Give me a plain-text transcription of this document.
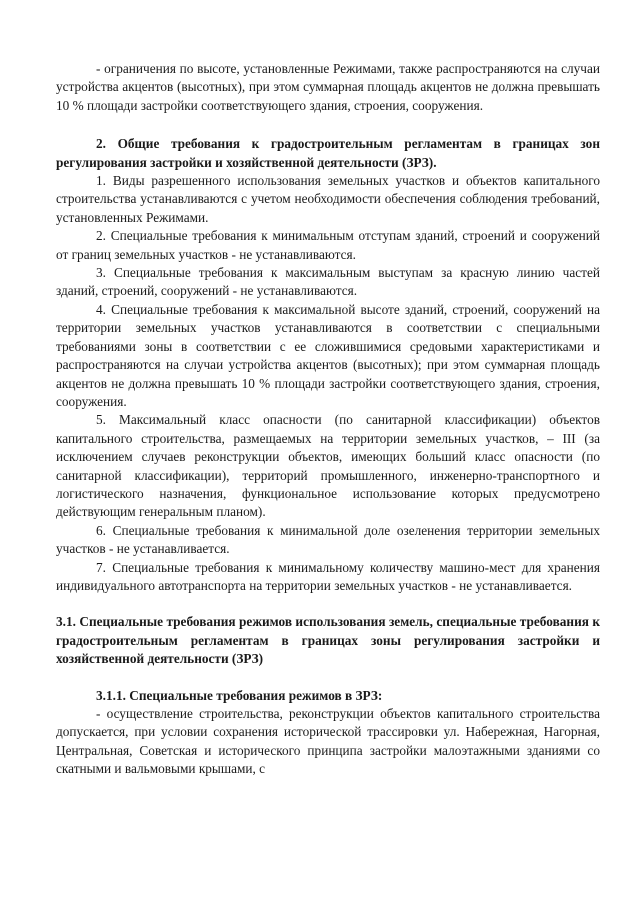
- ограничения по высоте, установленные Режимами, также распространяются на случаи устройства акцентов (высотных), при этом суммарная площадь акцентов не должна превышать 10 % площади застройки соответствующего здания, строения, сооружения.

2. Общие требования к градостроительным регламентам в границах зон регулирования застройки и хозяйственной деятельности (ЗРЗ).

1. Виды разрешенного использования земельных участков и объектов капитального строительства устанавливаются с учетом необходимости обеспечения соблюдения требований, установленных Режимами.

2. Специальные требования к минимальным отступам зданий, строений и сооружений от границ земельных участков - не устанавливаются.

3. Специальные требования к максимальным выступам за красную линию частей зданий, строений, сооружений - не устанавливаются.

4. Специальные требования к максимальной высоте зданий, строений, сооружений на территории земельных участков устанавливаются в соответствии с специальными требованиями зоны в соответствии с ее сложившимися средовыми характеристиками и распространяются на случаи устройства акцентов (высотных); при этом суммарная площадь акцентов не должна превышать 10 % площади застройки соответствующего здания, строения, сооружения.

5. Максимальный класс опасности (по санитарной классификации) объектов капитального строительства, размещаемых на территории земельных участков, – III (за исключением случаев реконструкции объектов, имеющих больший класс опасности (по санитарной классификации), территорий промышленного, инженерно-транспортного и логистического назначения, функциональное использование которых предусмотрено действующим генеральным планом).

6. Специальные требования к минимальной доле озеленения территории земельных участков - не устанавливается.

7. Специальные требования к минимальному количеству машино-мест для хранения индивидуального автотранспорта на территории земельных участков - не устанавливается.

3.1. Специальные требования режимов использования земель, специальные требования к градостроительным регламентам в границах зоны регулирования застройки и хозяйственной деятельности (ЗРЗ)

3.1.1. Специальные требования режимов в ЗРЗ:

- осуществление строительства, реконструкции объектов капитального строительства допускается, при условии сохранения исторической трассировки ул. Набережная, Нагорная, Центральная, Советская и исторического принципа застройки малоэтажными зданиями со скатными и вальмовыми крышами, с
